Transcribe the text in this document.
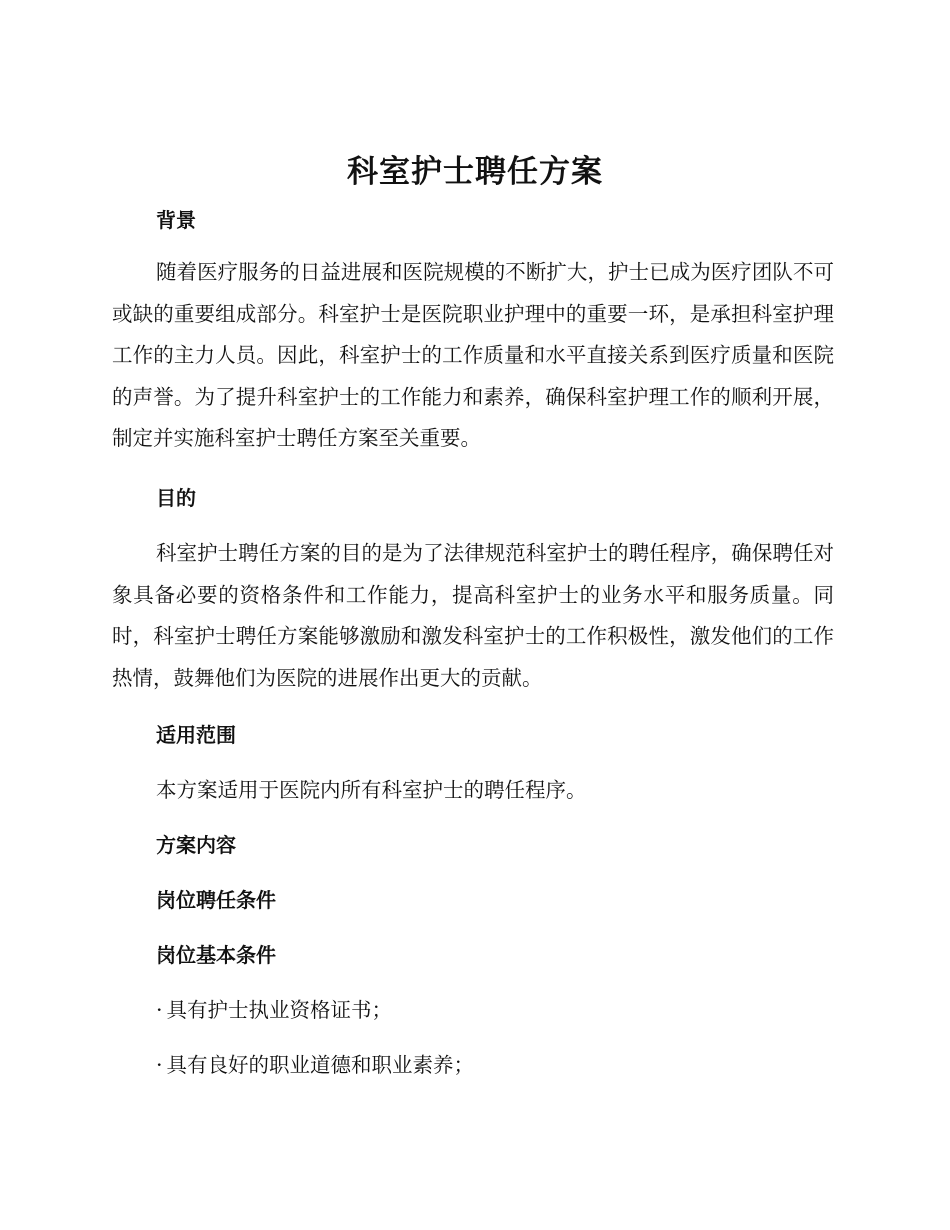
科室护士聘任方案
背景
随着医疗服务的日益进展和医院规模的不断扩大，护士已成为医疗团队不可或缺的重要组成部分。科室护士是医院职业护理中的重要一环，是承担科室护理工作的主力人员。因此，科室护士的工作质量和水平直接关系到医疗质量和医院的声誉。为了提升科室护士的工作能力和素养，确保科室护理工作的顺利开展，制定并实施科室护士聘任方案至关重要。
目的
科室护士聘任方案的目的是为了法律规范科室护士的聘任程序，确保聘任对象具备必要的资格条件和工作能力，提高科室护士的业务水平和服务质量。同时，科室护士聘任方案能够激励和激发科室护士的工作积极性，激发他们的工作热情，鼓舞他们为医院的进展作出更大的贡献。
适用范围
本方案适用于医院内所有科室护士的聘任程序。
方案内容
岗位聘任条件
岗位基本条件
· 具有护士执业资格证书；
· 具有良好的职业道德和职业素养；
